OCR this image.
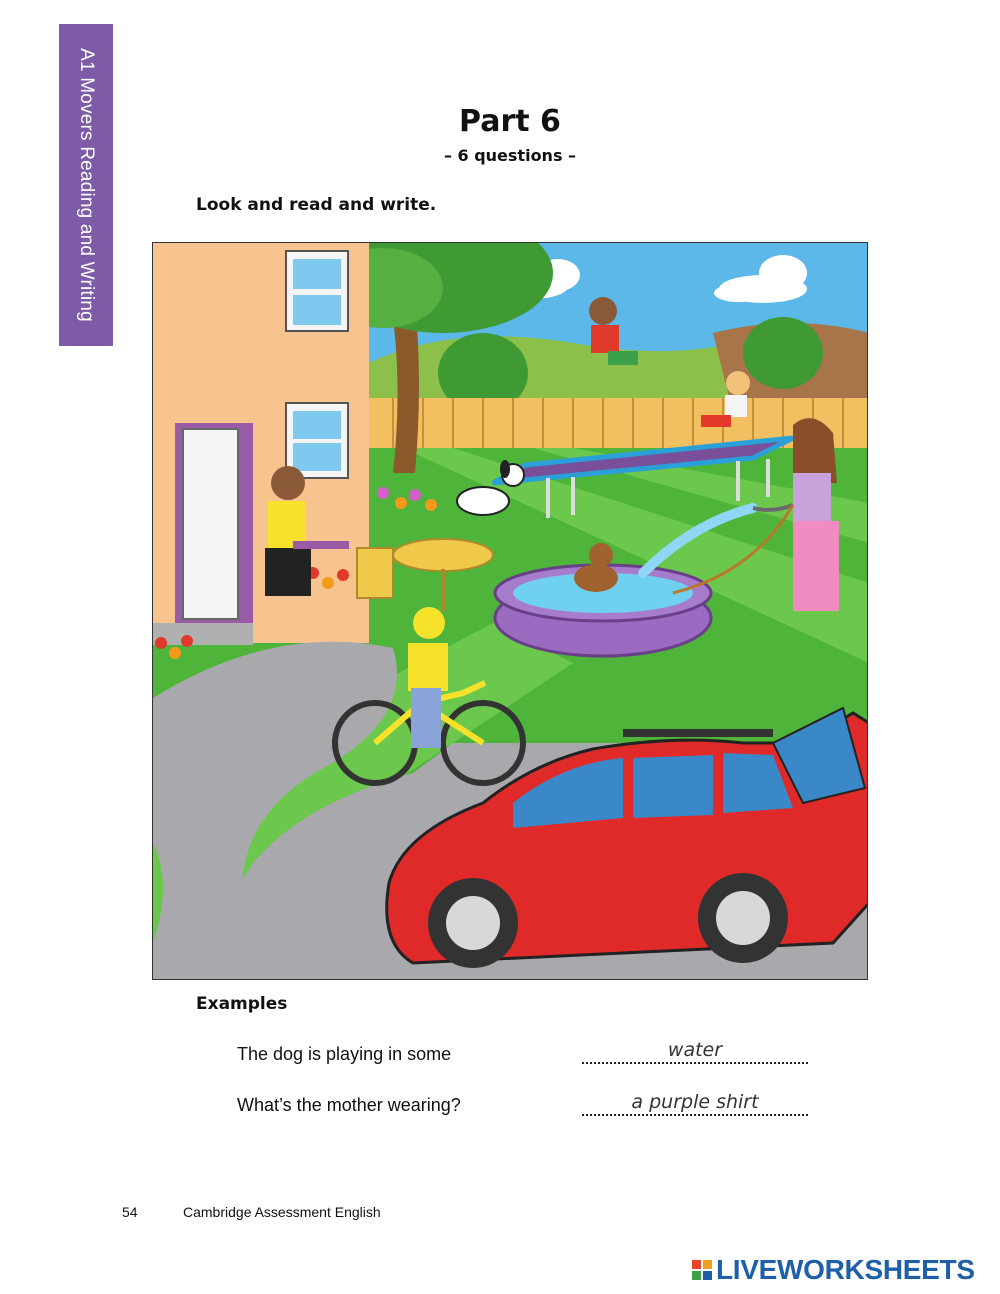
A1 Movers Reading and Writing	Part 6
– 6 questions –
Look and read and write.
Examples
The dog is playing in some	water
What’s the mother wearing?	a purple shirt
54	Cambridge Assessment English
LIVEWORKSHEETS
